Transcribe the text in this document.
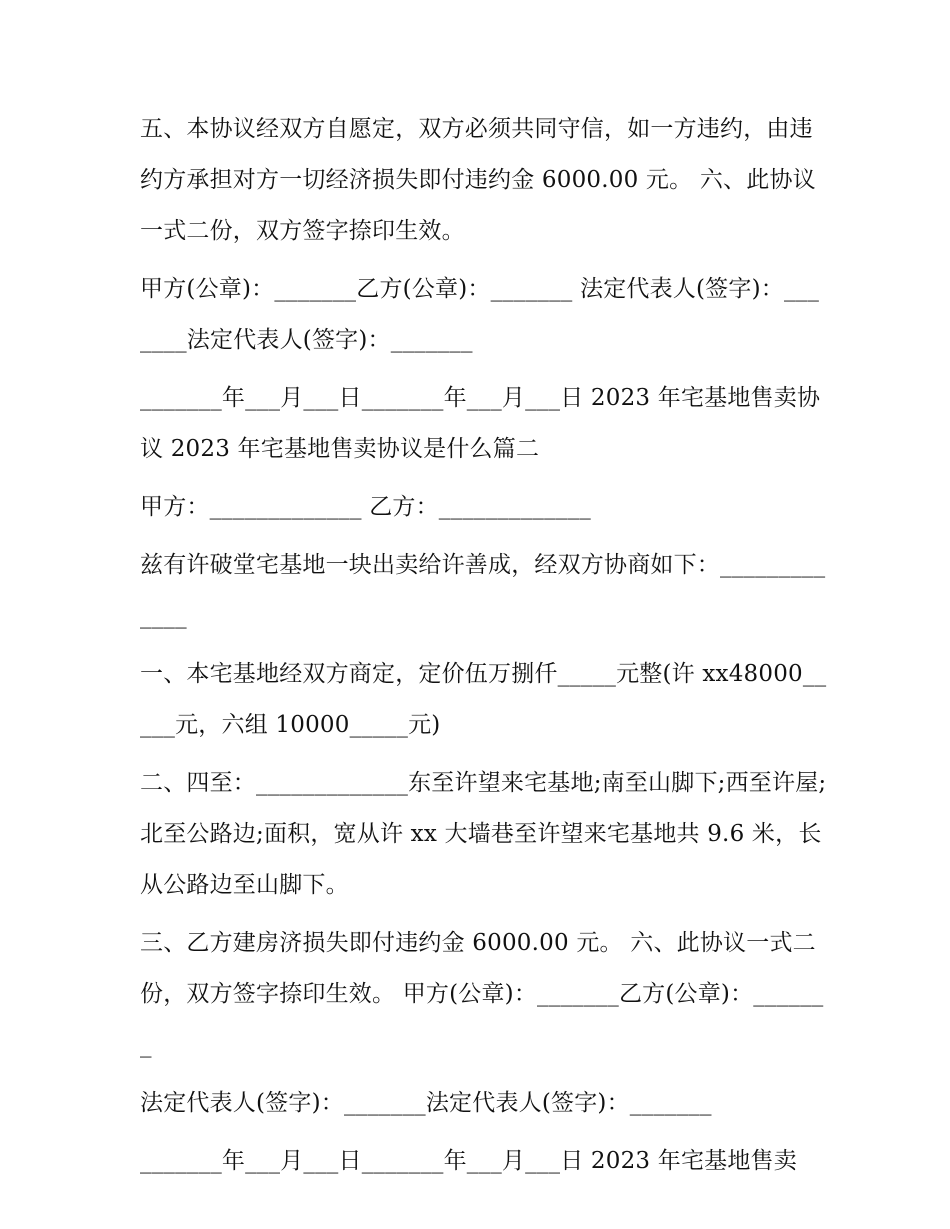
五、本协议经双方自愿定，双方必须共同守信，如一方违约，由违约方承担对方一切经济损失即付违约金 6000.00 元。 六、此协议一式二份，双方签字捺印生效。

甲方(公章)：_______乙方(公章)：_______ 法定代表人(签字)：_______法定代表人(签字)：_______

_______年___月___日_______年___月___日 2023 年宅基地售卖协议 2023 年宅基地售卖协议是什么篇二

甲方：_____________ 乙方：_____________

兹有许破堂宅基地一块出卖给许善成，经双方协商如下：_____________

一、本宅基地经双方商定，定价伍万捌仟_____元整(许 xx48000_____元，六组 10000_____元)

二、四至：_____________东至许望来宅基地;南至山脚下;西至许屋;北至公路边;面积，宽从许 xx 大墙巷至许望来宅基地共 9.6 米，长从公路边至山脚下。

三、乙方建房济损失即付违约金 6000.00 元。 六、此协议一式二份，双方签字捺印生效。 甲方(公章)：_______乙方(公章)：_______

法定代表人(签字)：_______法定代表人(签字)：_______

_______年___月___日_______年___月___日 2023 年宅基地售卖
